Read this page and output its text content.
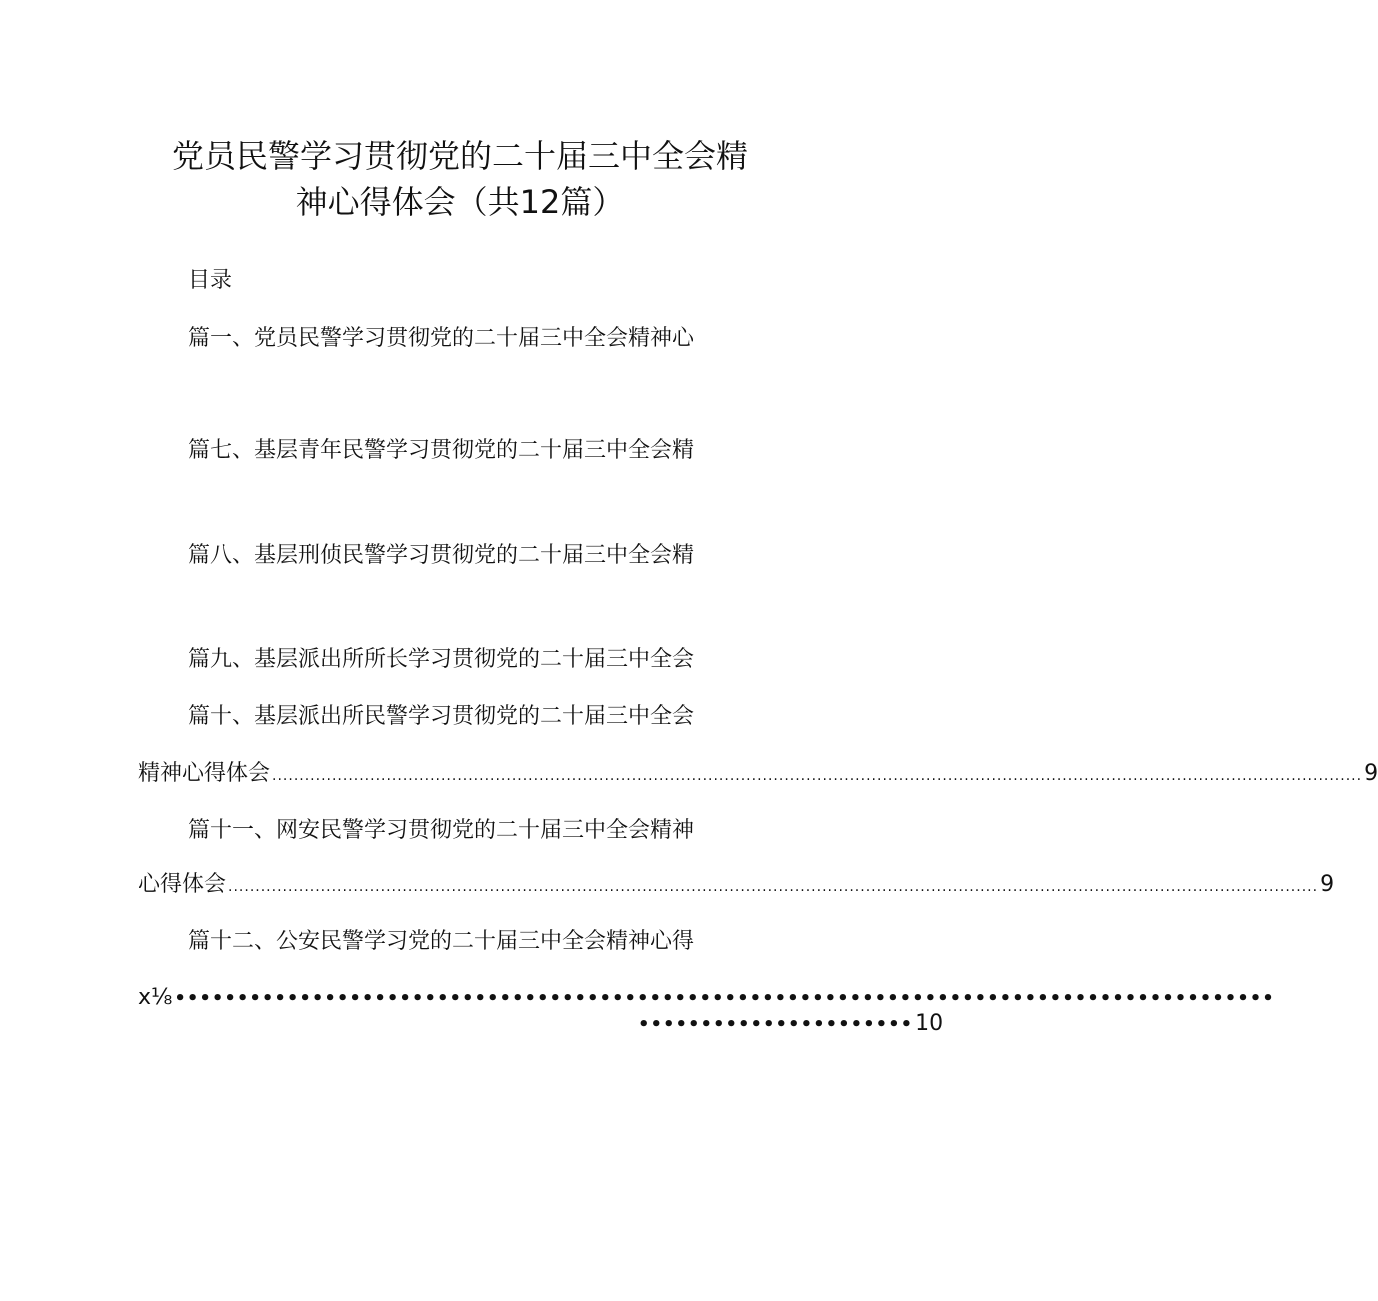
党员民警学习贯彻党的二十届三中全会精
神心得体会（共12篇）
目录
篇一、党员民警学习贯彻党的二十届三中全会精神心
篇七、基层青年民警学习贯彻党的二十届三中全会精
篇八、基层刑侦民警学习贯彻党的二十届三中全会精
篇九、基层派出所所长学习贯彻党的二十届三中全会
篇十、基层派出所民警学习贯彻党的二十届三中全会
精神心得体会 ........................................................................................................................................................................................................ 9
篇十一、网安民警学习贯彻党的二十届三中全会精神
心得体会 ........................................................................................................................................................................................................ 9
篇十二、公安民警学习党的二十届三中全会精神心得
x⅛ ••••••••••••••••••••••••••••••••••••••••••••••••••••••••••••••••••••••••••••••••••••••••
•••••••••••••••••••••• 10
